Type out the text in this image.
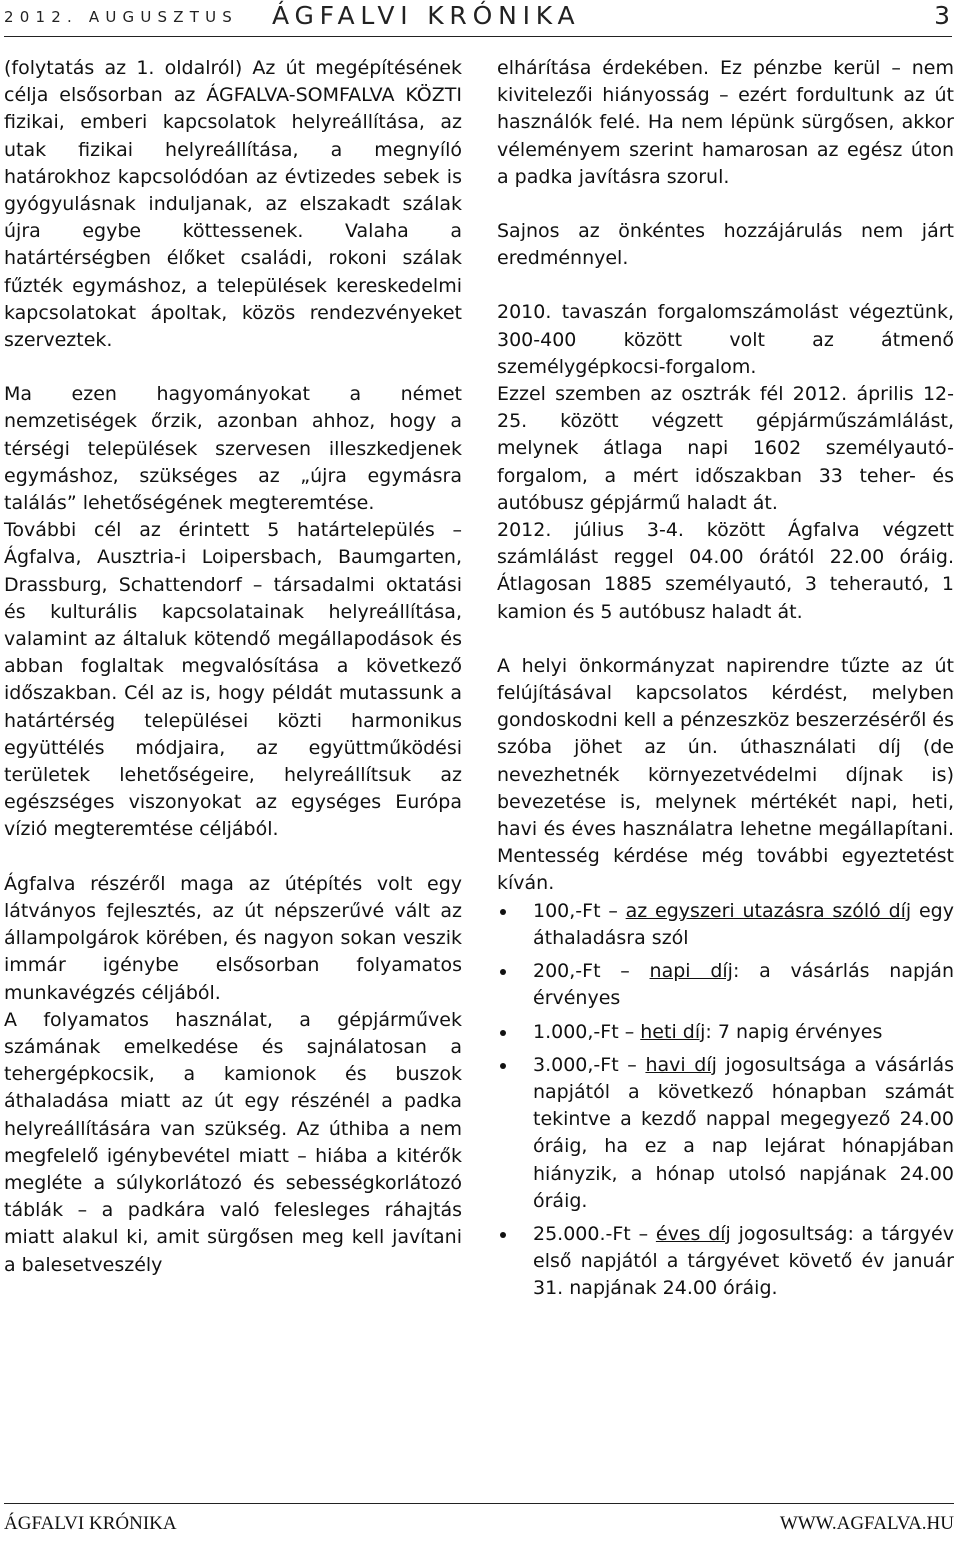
2012. AUGUSZTUS ÁGFALVI KRÓNIKA	3

(folytatás az 1. oldalról) Az út megépítésének célja elsősorban az ÁGFALVA-SOMFALVA KÖZTI fizikai, emberi kapcsolatok helyreállítása, az utak fizikai helyreállítása, a megnyíló határokhoz kapcsolódóan az évtizedes sebek is gyógyulásnak induljanak, az elszakadt szálak újra egybe köttessenek. Valaha a határtérségben élőket családi, rokoni szálak fűzték egymáshoz, a települések kereskedelmi kapcsolatokat ápoltak, közös rendezvényeket szerveztek.

Ma ezen hagyományokat a német nemzetiségek őrzik, azonban ahhoz, hogy a térségi települések szervesen illeszkedjenek egymáshoz, szükséges az „újra egymásra találás” lehetőségének megteremtése.

További cél az érintett 5 határtelepülés – Ágfalva, Ausztria-i Loipersbach, Baumgarten, Drassburg, Schattendorf – társadalmi oktatási és kulturális kapcsolatainak helyreállítása, valamint az általuk kötendő megállapodások és abban foglaltak megvalósítása a következő időszakban. Cél az is, hogy példát mutassunk a határtérség települései közti harmonikus együttélés módjaira, az együttműködési területek lehetőségeire, helyreállítsuk az egészséges viszonyokat az egységes Európa vízió megteremtése céljából.

Ágfalva részéről maga az útépítés volt egy látványos fejlesztés, az út népszerűvé vált az állampolgárok körében, és nagyon sokan veszik immár igénybe elsősorban folyamatos munkavégzés céljából.

A folyamatos használat, a gépjárművek számának emelkedése és sajnálatosan a tehergépkocsik, a kamionok és buszok áthaladása miatt az út egy részénél a padka helyreállítására van szükség. Az úthiba a nem megfelelő igénybevétel miatt – hiába a kitérők megléte a súlykorlátozó és sebességkorlátozó táblák – a padkára való felesleges ráhajtás miatt alakul ki, amit sürgősen meg kell javítani a balesetveszély

elhárítása érdekében. Ez pénzbe kerül – nem kivitelezői hiányosság – ezért fordultunk az út használók felé. Ha nem lépünk sürgősen, akkor véleményem szerint hamarosan az egész úton a padka javításra szorul.

Sajnos az önkéntes hozzájárulás nem járt eredménnyel.

2010. tavaszán forgalomszámolást végeztünk, 300-400 között volt az átmenő személygépkocsi-forgalom.

Ezzel szemben az osztrák fél 2012. április 12-25. között végzett gépjárműszámlálást, melynek átlaga napi 1602 személyautó-forgalom, a mért időszakban 33 teher- és autóbusz gépjármű haladt át.

2012. július 3-4. között Ágfalva végzett számlálást reggel 04.00 órától 22.00 óráig. Átlagosan 1885 személyautó, 3 teherautó, 1 kamion és 5 autóbusz haladt át.

A helyi önkormányzat napirendre tűzte az út felújításával kapcsolatos kérdést, melyben gondoskodni kell a pénzeszköz beszerzéséről és szóba jöhet az ún. úthasználati díj (de nevezhetnék környezetvédelmi díjnak is) bevezetése is, melynek mértékét napi, heti, havi és éves használatra lehetne megállapítani. Mentesség kérdése még további egyeztetést kíván.

100,-Ft – az egyszeri utazásra szóló díj egy áthaladásra szól
200,-Ft – napi díj: a vásárlás napján érvényes
1.000,-Ft – heti díj: 7 napig érvényes
3.000,-Ft – havi díj jogosultsága a vásárlás napjától a következő hónapban számát tekintve a kezdő nappal megegyező 24.00 óráig, ha ez a nap lejárat hónapjában hiányzik, a hónap utolsó napjának 24.00 óráig.
25.000.-Ft – éves díj jogosultság: a tárgyév első napjától a tárgyévet követő év január 31. napjának 24.00 óráig.
ÁGFALVI KRÓNIKA	WWW.AGFALVA.HU
